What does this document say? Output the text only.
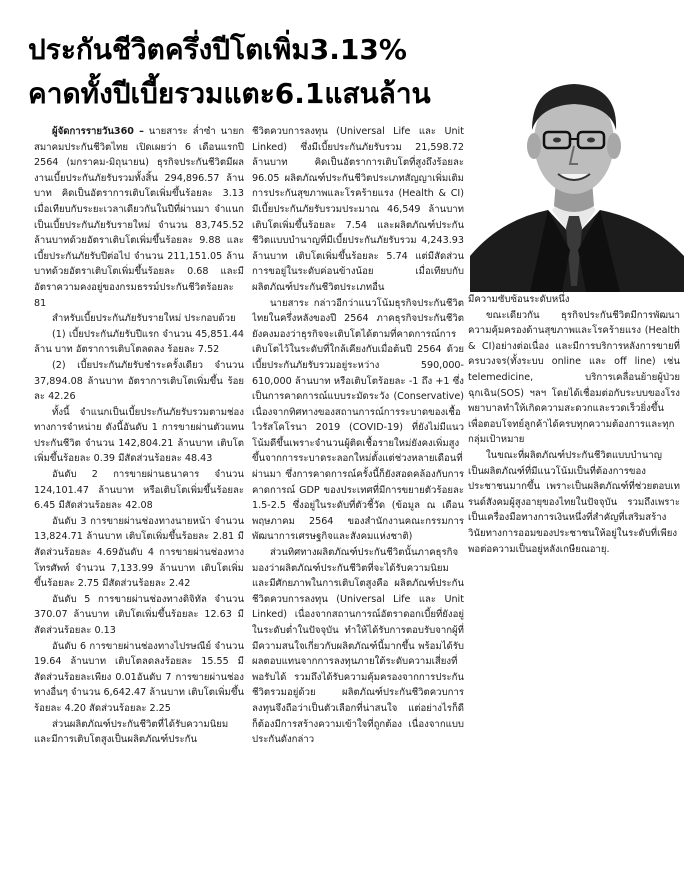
ประกันชีวิตครึ่งปีโตเพิ่ม3.13%
คาดทั้งปีเบี้ยรวมแตะ6.1แสนล้าน

ผู้จัดการรายวัน360 – นายสาระ ล่ำซำ นายกสมาคมประกันชีวิตไทย เปิดเผยว่า 6 เดือนแรกปี 2564 (มกราคม-มิถุนายน) ธุรกิจประกันชีวิตมีผลงานเบี้ยประกันภัยรับรวมทั้งสิ้น 294,896.57 ล้านบาท คิดเป็นอัตราการเติบโตเพิ่มขึ้นร้อยละ 3.13 เมื่อเทียบกับระยะเวลาเดียวกันในปีที่ผ่านมา จำแนกเป็นเบี้ยประกันภัยรับรายใหม่ จำนวน 83,745.52 ล้านบาทด้วยอัตราเติบโตเพิ่มขึ้นร้อยละ 9.88 และเบี้ยประกันภัยรับปีต่อไป จำนวน 211,151.05 ล้านบาทด้วยอัตราเติบโตเพิ่มขึ้นร้อยละ 0.68 และมีอัตราความคงอยู่ของกรมธรรม์ประกันชีวิตร้อยละ 81

สำหรับเบี้ยประกันภัยรับรายใหม่ ประกอบด้วย

(1) เบี้ยประกันภัยรับปีแรก จำนวน 45,851.44 ล้าน บาท อัตราการเติบโตลดลง ร้อยละ 7.52

(2) เบี้ยประกันภัยรับชำระครั้งเดียว จำนวน 37,894.08 ล้านบาท อัตราการเติบโตเพิ่มขึ้น ร้อยละ 42.26

ทั้งนี้ จำแนกเป็นเบี้ยประกันภัยรับรวมตามช่องทางการจำหน่าย ดังนี้อันดับ 1 การขายผ่านตัวแทนประกันชีวิต จำนวน 142,804.21 ล้านบาท เติบโตเพิ่มขึ้นร้อยละ 0.39 มีสัดส่วนร้อยละ 48.43

อันดับ 2 การขายผ่านธนาคาร จำนวน 124,101.47 ล้านบาท หรือเติบโตเพิ่มขึ้นร้อยละ 6.45 มีสัดส่วนร้อยละ 42.08

อันดับ 3 การขายผ่านช่องทางนายหน้า จำนวน 13,824.71 ล้านบาท เติบโตเพิ่มขึ้นร้อยละ 2.81 มีสัดส่วนร้อยละ 4.69อันดับ 4 การขายผ่านช่องทางโทรศัพท์ จำนวน 7,133.99 ล้านบาท เติบโตเพิ่มขึ้นร้อยละ 2.75 มีสัดส่วนร้อยละ 2.42

อันดับ 5 การขายผ่านช่องทางดิจิทัล จำนวน 370.07 ล้านบาท เติบโตเพิ่มขึ้นร้อยละ 12.63 มีสัดส่วนร้อยละ 0.13

อันดับ 6 การขายผ่านช่องทางไปรษณีย์ จำนวน 19.64 ล้านบาท เติบโตลดลงร้อยละ 15.55 มีสัดส่วนร้อยละเพียง 0.01อันดับ 7 การขายผ่านช่องทางอื่นๆ จำนวน 6,642.47 ล้านบาท เติบโตเพิ่มขึ้นร้อยละ 4.20 สัดส่วนร้อยละ 2.25

ส่วนผลิตภัณฑ์ประกันชีวิตที่ได้รับความนิยมและมีการเติบโตสูงเป็นผลิตภัณฑ์ประกัน

ชีวิตควบการลงทุน (Universal Life และ Unit Linked) ซึ่งมีเบี้ยประกันภัยรับรวม 21,598.72 ล้านบาท คิดเป็นอัตราการเติบโตที่สูงถึงร้อยละ 96.05 ผลิตภัณฑ์ประกันชีวิตประเภทสัญญาเพิ่มเติมการประกันสุขภาพและโรคร้ายแรง (Health & CI) มีเบี้ยประกันภัยรับรวมประมาณ 46,549 ล้านบาท เติบโตเพิ่มขึ้นร้อยละ 7.54 และผลิตภัณฑ์ประกันชีวิตแบบบำนาญที่มีเบี้ยประกันภัยรับรวม 4,243.93 ล้านบาท เติบโตเพิ่มขึ้นร้อยละ 5.74 แต่มีสัดส่วนการขอยู่ในระดับค่อนข้างน้อย เมื่อเทียบกับผลิตภัณฑ์ประกันชีวิตประเภทอื่น

นายสาระ กล่าวอีกว่าแนวโน้มธุรกิจประกันชีวิตไทยในครึ่งหลังของปี 2564 ภาคธุรกิจประกันชีวิตยังคงมองว่าธุรกิจจะเติบโตได้ตามที่คาดการณ์การเติบโตไว้ในระดับที่ใกล้เคียงกับเมื่อต้นปี 2564 ด้วยเบี้ยประกันภัยรับรวมอยู่ระหว่าง 590,000-610,000 ล้านบาท หรือเติบโตร้อยละ -1 ถึง +1 ซึ่งเป็นการคาดการณ์แบบระมัดระวัง (Conservative) เนื่องจากทิศทางของสถานการณ์การระบาดของเชื้อไวรัสโคโรนา 2019 (COVID-19) ที่ยังไม่มีแนวโน้มดีขึ้นเพราะจำนวนผู้ติดเชื้อรายใหม่ยังคงเพิ่มสูงขึ้นจากการระบาดระลอกใหม่ตั้งแต่ช่วงหลายเดือนที่ผ่านมา ซึ่งการคาดการณ์ครั้งนี้ก็ยังสอดคล้องกับการคาดการณ์ GDP ของประเทศที่มีการขยายตัวร้อยละ 1.5-2.5 ซึ่งอยู่ในระดับที่ตัวชี้วัด (ข้อมูล ณ เดือนพฤษภาคม 2564 ของสำนักงานคณะกรรมการพัฒนาการเศรษฐกิจและสังคมแห่งชาติ)

ส่วนทิศทางผลิตภัณฑ์ประกันชีวิตนั้นภาคธุรกิจมองว่าผลิตภัณฑ์ประกันชีวิตที่จะได้รับความนิยมและมีศักยภาพในการเติบโตสูงคือ ผลิตภัณฑ์ประกันชีวิตควบการลงทุน (Universal Life และ Unit Linked) เนื่องจากสถานการณ์อัตราดอกเบี้ยที่ยังอยู่ในระดับต่ำในปัจจุบัน ทำให้ได้รับการตอบรับจากผู้ที่มีความสนใจเกี่ยวกับผลิตภัณฑ์นี้มากขึ้น พร้อมได้รับผลตอบแทนจากการลงทุนภายใต้ระดับความเสี่ยงที่พอรับได้ รวมถึงได้รับความคุ้มครองจากการประกันชีวิตรวมอยู่ด้วย ผลิตภัณฑ์ประกันชีวิตควบการลงทุนจึงถือว่าเป็นตัวเลือกที่น่าสนใจ แต่อย่างไรก็ดี ก็ต้องมีการสร้างความเข้าใจที่ถูกต้อง เนื่องจากแบบประกันดังกล่าว

มีความซับซ้อนระดับหนึ่ง

ขณะเดียวกัน ธุรกิจประกันชีวิตมีการพัฒนาความคุ้มครองด้านสุขภาพและโรคร้ายแรง (Health & CI)อย่างต่อเนื่อง และมีการบริการหลังการขายที่ครบวงจร(ทั้งระบบ online และ off line) เช่น telemedicine, บริการเคลื่อนย้ายผู้ป่วยฉุกเฉิน(SOS) ฯลฯ โดยได้เชื่อมต่อกับระบบของโรงพยาบาลทำให้เกิดความสะดวกและรวดเร็วยิ่งขึ้น เพื่อตอบโจทย์ลูกค้าได้ครบทุกความต้องการและทุกกลุ่มเป้าหมาย

ในขณะที่ผลิตภัณฑ์ประกันชีวิตแบบบำนาญ เป็นผลิตภัณฑ์ที่มีแนวโน้มเป็นที่ต้องการของประชาชนมากขึ้น เพราะเป็นผลิตภัณฑ์ที่ช่วยตอบเทรนด์สังคมผู้สูงอายุของไทยในปัจจุบัน รวมถึงเพราะเป็นเครื่องมือทางการเงินหนึ่งที่สำคัญที่เสริมสร้างวินัยทางการออมของประชาชนให้อยู่ในระดับที่เพียงพอต่อความเป็นอยู่หลังเกษียณอายุ.
